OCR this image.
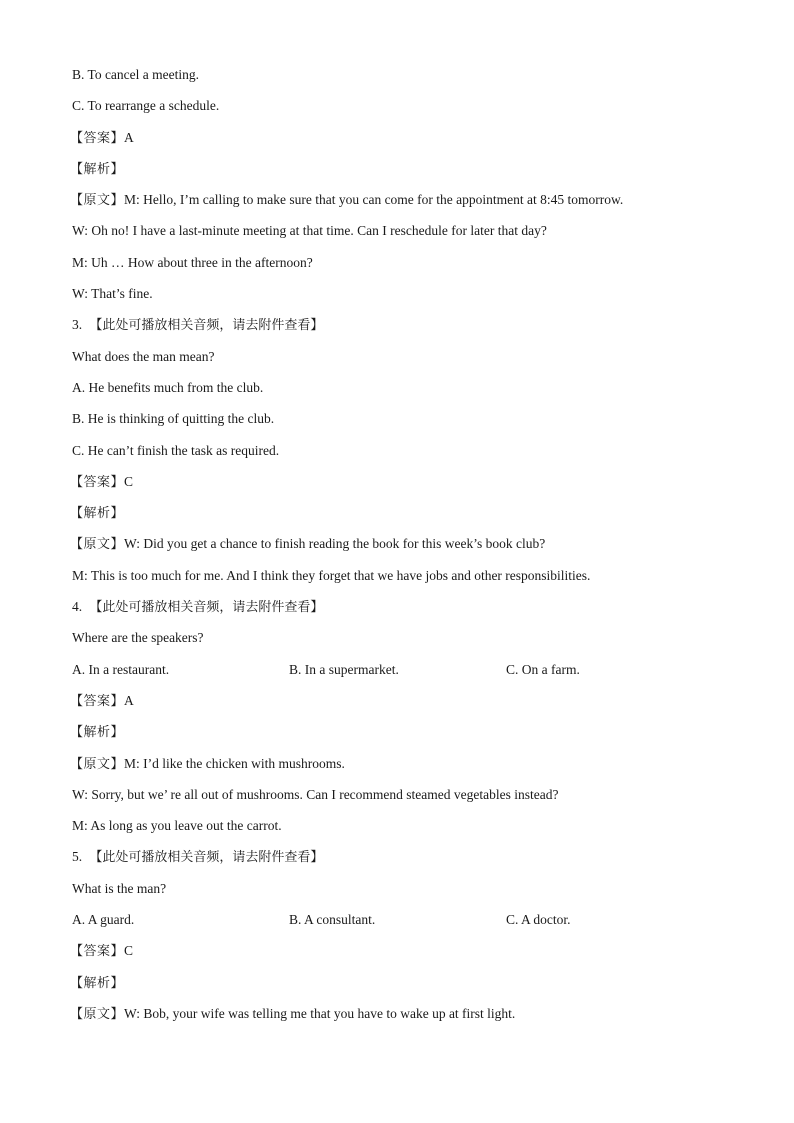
B. To cancel a meeting.
C. To rearrange a schedule.
【答案】A
【解析】
【原文】M: Hello, I’m calling to make sure that you can come for the appointment at 8:45 tomorrow.
W: Oh no! I have a last-minute meeting at that time. Can I reschedule for later that day?
M: Uh … How about three in the afternoon?
W: That’s fine.
3. 【此处可播放相关音频，请去附件查看】
What does the man mean?
A. He benefits much from the club.
B. He is thinking of quitting the club.
C. He can’t finish the task as required.
【答案】C
【解析】
【原文】W: Did you get a chance to finish reading the book for this week’s book club?
M: This is too much for me. And I think they forget that we have jobs and other responsibilities.
4. 【此处可播放相关音频，请去附件查看】
Where are the speakers?
A. In a restaurant.	B. In a supermarket.	C. On a farm.
【答案】A
【解析】
【原文】M: I’d like the chicken with mushrooms.
W: Sorry, but we’ re all out of mushrooms. Can I recommend steamed vegetables instead?
M: As long as you leave out the carrot.
5. 【此处可播放相关音频，请去附件查看】
What is the man?
A. A guard.	B. A consultant.	C. A doctor.
【答案】C
【解析】
【原文】W: Bob, your wife was telling me that you have to wake up at first light.
